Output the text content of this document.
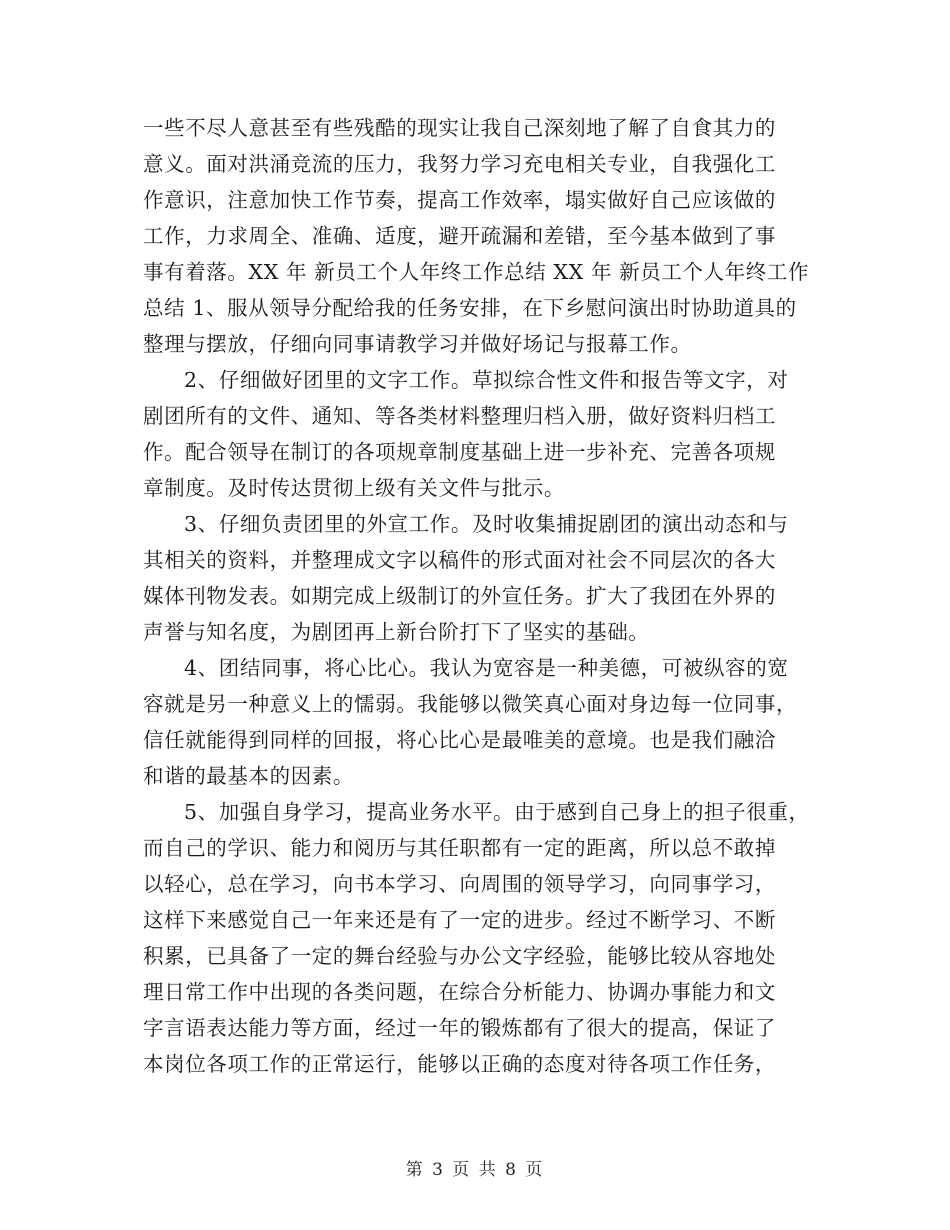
一些不尽人意甚至有些残酷的现实让我自己深刻地了解了自食其力的
意义。面对洪涌竞流的压力，我努力学习充电相关专业，自我强化工
作意识，注意加快工作节奏，提高工作效率，塌实做好自己应该做的
工作，力求周全、准确、适度，避开疏漏和差错，至今基本做到了事
事有着落。XX 年 新员工个人年终工作总结 XX 年 新员工个人年终工作
总结 1、服从领导分配给我的任务安排，在下乡慰问演出时协助道具的
整理与摆放，仔细向同事请教学习并做好场记与报幕工作。
2、仔细做好团里的文字工作。草拟综合性文件和报告等文字，对
剧团所有的文件、通知、等各类材料整理归档入册，做好资料归档工
作。配合领导在制订的各项规章制度基础上进一步补充、完善各项规
章制度。及时传达贯彻上级有关文件与批示。
3、仔细负责团里的外宣工作。及时收集捕捉剧团的演出动态和与
其相关的资料，并整理成文字以稿件的形式面对社会不同层次的各大
媒体刊物发表。如期完成上级制订的外宣任务。扩大了我团在外界的
声誉与知名度，为剧团再上新台阶打下了坚实的基础。
4、团结同事，将心比心。我认为宽容是一种美德，可被纵容的宽
容就是另一种意义上的懦弱。我能够以微笑真心面对身边每一位同事，
信任就能得到同样的回报，将心比心是最唯美的意境。也是我们融洽
和谐的最基本的因素。
5、加强自身学习，提高业务水平。由于感到自己身上的担子很重，
而自己的学识、能力和阅历与其任职都有一定的距离，所以总不敢掉
以轻心，总在学习，向书本学习、向周围的领导学习，向同事学习，
这样下来感觉自己一年来还是有了一定的进步。经过不断学习、不断
积累，已具备了一定的舞台经验与办公文字经验，能够比较从容地处
理日常工作中出现的各类问题，在综合分析能力、协调办事能力和文
字言语表达能力等方面，经过一年的锻炼都有了很大的提高，保证了
本岗位各项工作的正常运行，能够以正确的态度对待各项工作任务，
第 3 页 共 8 页
